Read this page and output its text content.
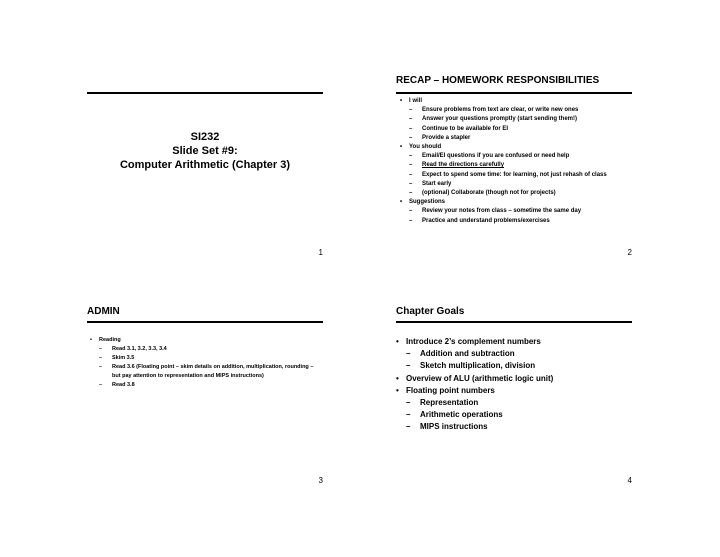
SI232
Slide Set #9:
Computer Arithmetic (Chapter 3)
1
RECAP – HOMEWORK RESPONSIBILITIES
• I will
– Ensure problems from text are clear, or write new ones
– Answer your questions promptly (start sending them!)
– Continue to be available for EI
– Provide a stapler
• You should
– Email/EI questions if you are confused or need help
– Read the directions carefully
– Expect to spend some time: for learning, not just rehash of class
– Start early
– (optional) Collaborate (though not for projects)
• Suggestions
– Review your notes from class – sometime the same day
– Practice and understand problems/exercises
2
ADMIN
• Reading
– Read 3.1, 3.2, 3.3, 3.4
– Skim 3.5
– Read 3.6 (Floating point – skim details on addition, multiplication, rounding – but pay attention to representation and MIPS instructions)
– Read 3.8
3
Chapter Goals
• Introduce 2’s complement numbers
– Addition and subtraction
– Sketch multiplication, division
• Overview of ALU (arithmetic logic unit)
• Floating point numbers
– Representation
– Arithmetic operations
– MIPS instructions
4
